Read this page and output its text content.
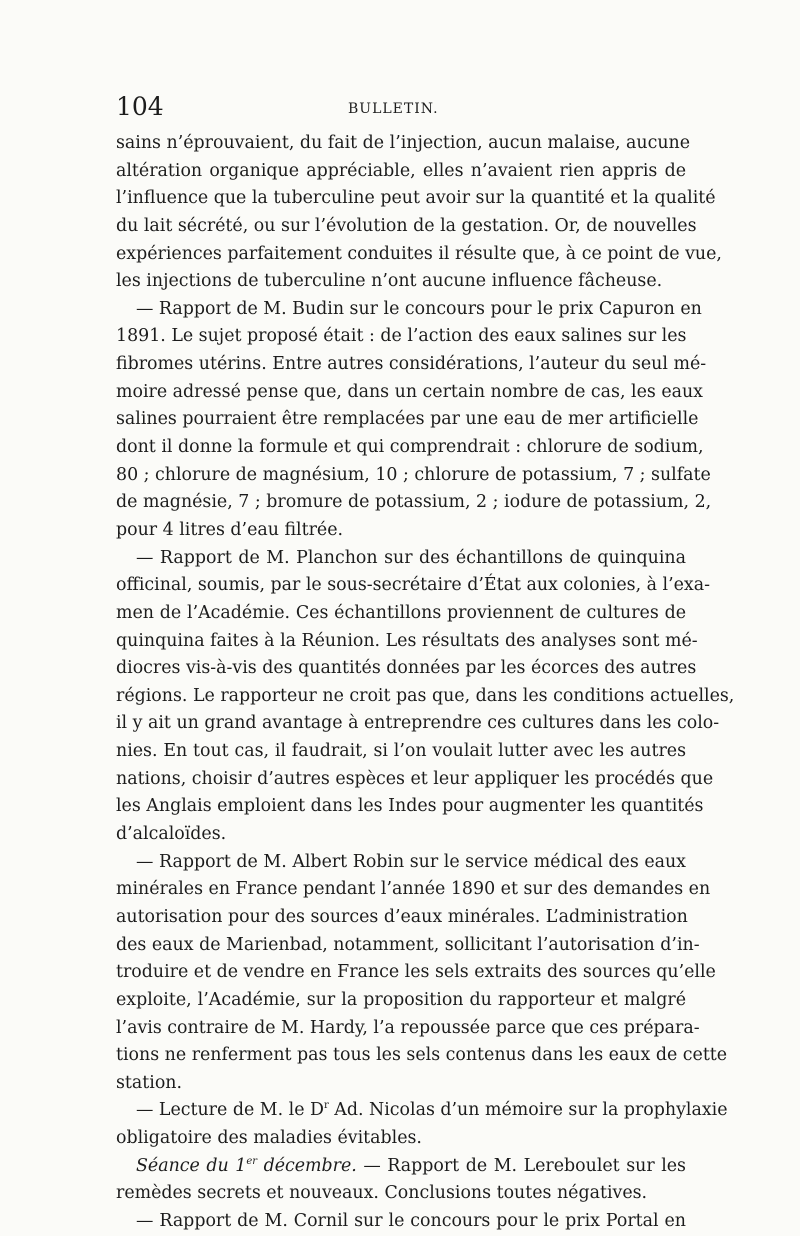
104	BULLETIN.
sains n’éprouvaient, du fait de l’injection, aucun malaise, aucune
altération organique appréciable, elles n’avaient rien appris de
l’influence que la tuberculine peut avoir sur la quantité et la qualité
du lait sécrété, ou sur l’évolution de la gestation. Or, de nouvelles
expériences parfaitement conduites il résulte que, à ce point de vue,
les injections de tuberculine n’ont aucune influence fâcheuse.
— Rapport de M. Budin sur le concours pour le prix Capuron en
1891. Le sujet proposé était : de l’action des eaux salines sur les
fibromes utérins. Entre autres considérations, l’auteur du seul mé-
moire adressé pense que, dans un certain nombre de cas, les eaux
salines pourraient être remplacées par une eau de mer artificielle
dont il donne la formule et qui comprendrait : chlorure de sodium,
80 ; chlorure de magnésium, 10 ; chlorure de potassium, 7 ; sulfate
de magnésie, 7 ; bromure de potassium, 2 ; iodure de potassium, 2,
pour 4 litres d’eau filtrée.
— Rapport de M. Planchon sur des échantillons de quinquina
officinal, soumis, par le sous-secrétaire d’État aux colonies, à l’exa-
men de l’Académie. Ces échantillons proviennent de cultures de
quinquina faites à la Réunion. Les résultats des analyses sont mé-
diocres vis-à-vis des quantités données par les écorces des autres
régions. Le rapporteur ne croit pas que, dans les conditions actuelles,
il y ait un grand avantage à entreprendre ces cultures dans les colo-
nies. En tout cas, il faudrait, si l’on voulait lutter avec les autres
nations, choisir d’autres espèces et leur appliquer les procédés que
les Anglais emploient dans les Indes pour augmenter les quantités
d’alcaloïdes.
— Rapport de M. Albert Robin sur le service médical des eaux
minérales en France pendant l’année 1890 et sur des demandes en
autorisation pour des sources d’eaux minérales. L’administration
des eaux de Marienbad, notamment, sollicitant l’autorisation d’in-
troduire et de vendre en France les sels extraits des sources qu’elle
exploite, l’Académie, sur la proposition du rapporteur et malgré
l’avis contraire de M. Hardy, l’a repoussée parce que ces prépara-
tions ne renferment pas tous les sels contenus dans les eaux de cette
station.
— Lecture de M. le $D^r$ Ad. Nicolas d’un mémoire sur la prophylaxie
obligatoire des maladies évitables.
Séance du 1er décembre. — Rapport de M. Lereboulet sur les
remèdes secrets et nouveaux. Conclusions toutes négatives.
— Rapport de M. Cornil sur le concours pour le prix Portal en
